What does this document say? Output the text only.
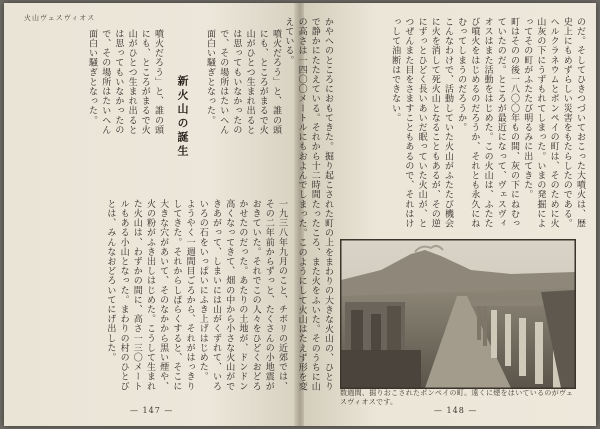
火山ヴェスヴィオス

噴火だろう」と、誰の頭にも、ところがまるで火山がひとつ生まれ出るとは思ってもいなかったので、その場所はたいへん面白い騒ぎとなった。

新火山の誕生

噴火だろう」と、誰の頭にも、ところがまるで火山がひとつ生まれ出るとは思ってもいなかったので、その場所はたいへん面白い騒ぎとなった。

一九三八年九月のこと、チボリの近郊では、その二年前からずっと、たくさんの小地震がおきていた。それでこの人々をひどくおどろかせたのだった。あたりの土地が、ドンドン高くなってきて、畑の中から小さな火山ができあがって、しまいには山がくずれて、いろいろの石をいっぱいにふき上げはじめた。

ようやく一週間目ごろから、それがはっきりしてきた。それからしばらくすると、そこに大きな穴があいて、そのなかから黒い煙や、火の粉がふき出しはじめた。こうして生まれた火山は、わずかの間に、高さ一三〇メートルもある小山となった。まわりの村のひとびとは、みんなおどろいてにげ出した。

— 147 —

のだ。そしてひきつづいておこった大噴火は、歴史上にもめずらしい災害をもたらしたのである。ヘルクラネウムとポンペイの町は、そのために火山灰の下にうずもれてしまった。いまの発掘によってその町がふたたび明るみに出てきた。

町はそのの後一八〇〇年もの間、灰の下にねむっていたのだ。ところが最近になって、ヴェスヴィオスはまた活動をはじめた。この火山は、ふたたび噴火をはじめるのだろうか、それとも永久にねむってしまうのだろうか。

こんなわけで、活動していた火山がふたたび機会に火を消して死火山となることもあるが、その逆にずっとひどく長いあいだ眠っていた火山が、とつぜんまた目をさますこともあるので、それはけっして油断はできない。

かやへのところにおもてきた。掘り起こされた町の上をまわりの大きな火山の、ひとりで静かにたたえている。それから十二時間たったころ、また火をふいた。そのうちに山の高さは一四〇〇メートルにもおよんでしまった。このようにして火山はたえず形を変えている。

数週間、掘りおこされたポンペイの町。遠くに煙をはいているのがヴェスヴィオスです。
— 148 —
